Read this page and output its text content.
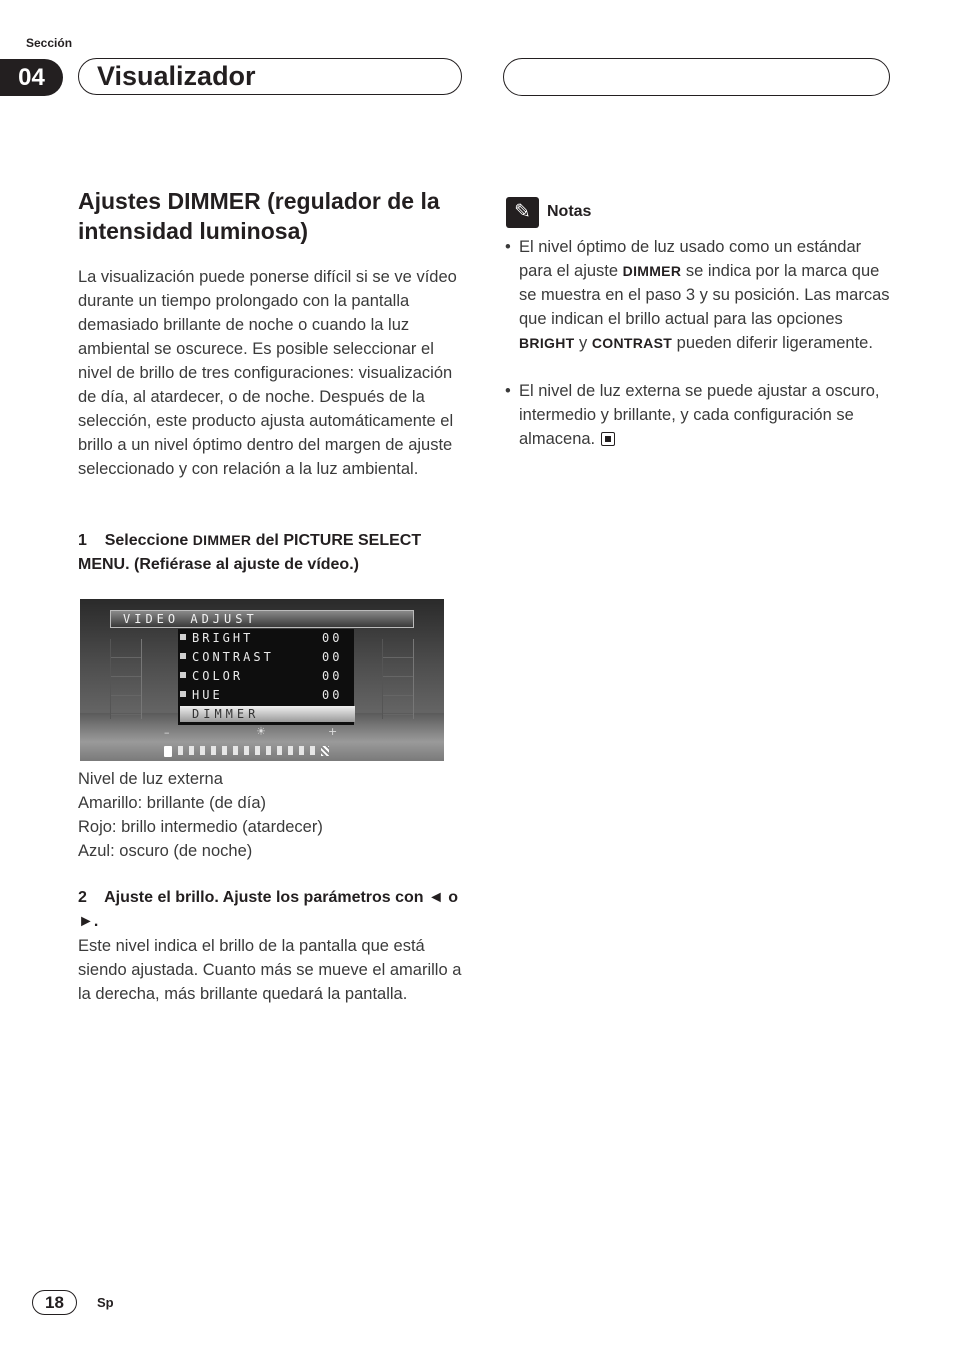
Sección
04	Visualizador
Ajustes DIMMER (regulador de la intensidad luminosa)
La visualización puede ponerse difícil si se ve vídeo durante un tiempo prolongado con la pantalla demasiado brillante de noche o cuando la luz ambiental se oscurece. Es posible seleccionar el nivel de brillo de tres configuraciones: visualización de día, al atardecer, o de noche. Después de la selección, este producto ajusta automáticamente el brillo a un nivel óptimo dentro del margen de ajuste seleccionado y con relación a la luz ambiental.
1 Seleccione DIMMER del PICTURE SELECT MENU. (Refiérase al ajuste de vídeo.)
VIDEO ADJUST
BRIGHT	00
CONTRAST	00
COLOR	00
HUE	00
DIMMER
–	☀	+
Nivel de luz externa
Amarillo: brillante (de día)
Rojo: brillo intermedio (atardecer)
Azul: oscuro (de noche)
2 Ajuste el brillo. Ajuste los parámetros con ◄ o ►.
Este nivel indica el brillo de la pantalla que está siendo ajustada. Cuanto más se mueve el amarillo a la derecha, más brillante quedará la pantalla.
✎	Notas
• El nivel óptimo de luz usado como un estándar para el ajuste DIMMER se indica por la marca que se muestra en el paso 3 y su posición. Las marcas que indican el brillo actual para las opciones BRIGHT y CONTRAST pueden diferir ligeramente.
• El nivel de luz externa se puede ajustar a oscuro, intermedio y brillante, y cada configuración se almacena.
18	Sp
